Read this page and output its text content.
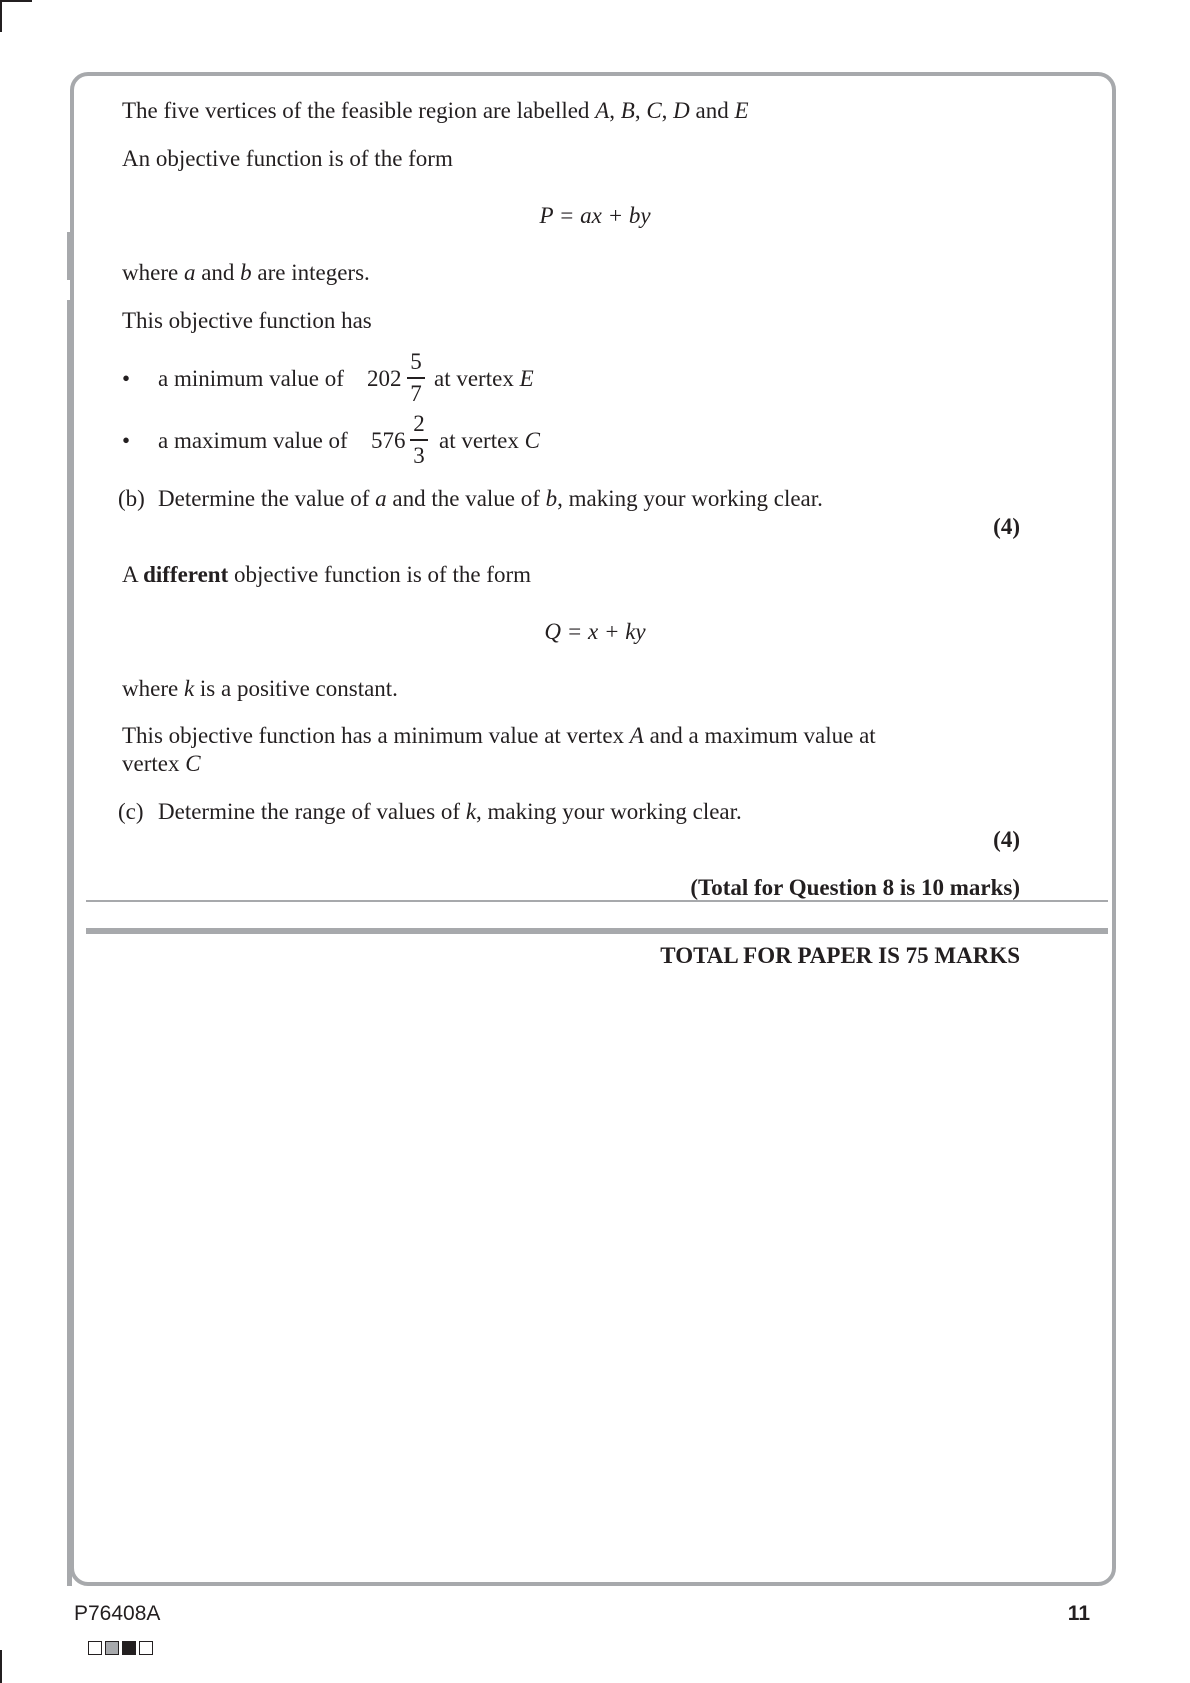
The five vertices of the feasible region are labelled A, B, C, D and E
An objective function is of the form
P = ax + by
where a and b are integers.
This objective function has
• a minimum value of 202
5
7
at vertex E
• a maximum value of 576
2
3
at vertex C
(b) Determine the value of a and the value of b, making your working clear.
(4)
A different objective function is of the form
Q = x + ky
where k is a positive constant.
This objective function has a minimum value at vertex A and a maximum value at
vertex C
(c) Determine the range of values of k, making your working clear.
(4)
(Total for Question 8 is 10 marks)
TOTAL FOR PAPER IS 75 MARKS
P76408A	11
